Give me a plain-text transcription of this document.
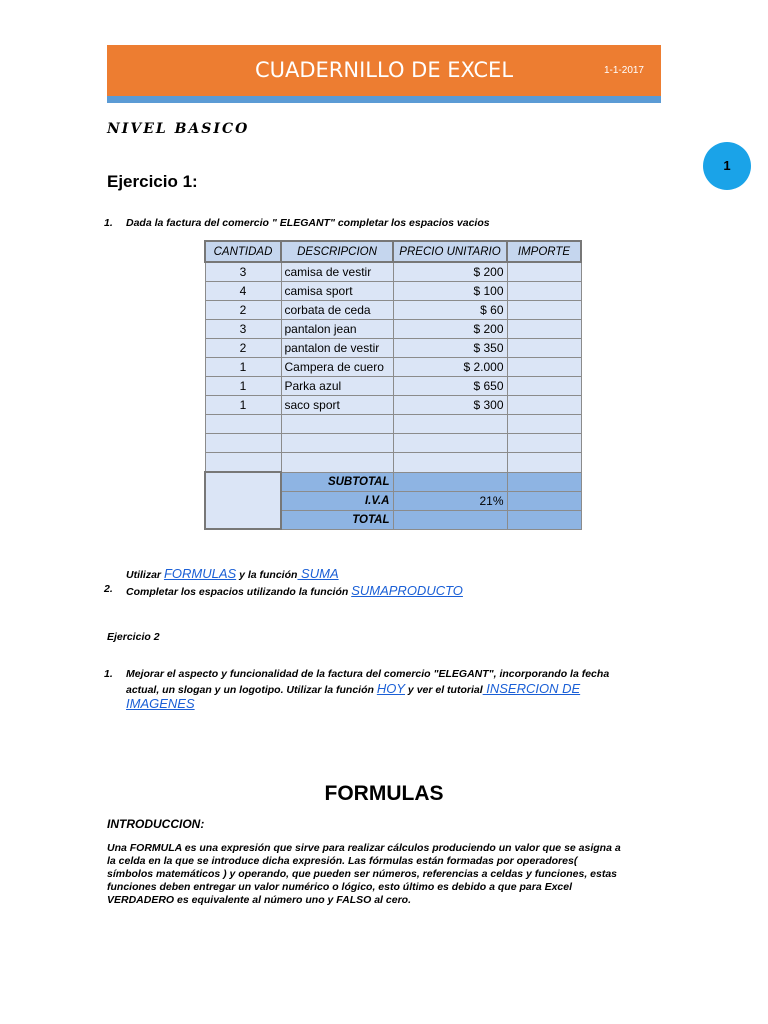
CUADERNILLO DE EXCEL	1-1-2017
NIVEL BASICO
1
Ejercicio 1:
1. Dada la factura del comercio " ELEGANT" completar los espacios vacios
CANTIDAD	DESCRIPCION	PRECIO UNITARIO	IMPORTE
3	camisa de vestir	$ 200	
4	camisa sport	$ 100	
2	corbata de ceda	$ 60	
3	pantalon jean	$ 200	
2	pantalon de vestir	$ 350	
1	Campera de cuero	$ 2.000	
1	Parka azul	$ 650	
1	saco sport	$ 300	

	SUBTOTAL		
	I.V.A	21%	
	TOTAL		
Utilizar FORMULAS y la función SUMA
2. Completar los espacios utilizando la función SUMAPRODUCTO
Ejercicio 2
1. Mejorar el aspecto y funcionalidad de la factura del comercio "ELEGANT", incorporando la fecha
actual, un slogan y un logotipo. Utilizar la función HOY y ver el tutorial INSERCION DE
IMAGENES
FORMULAS
INTRODUCCION:
Una FORMULA es una expresión que sirve para realizar cálculos produciendo un valor que se asigna a
la celda en la que se introduce dicha expresión. Las fórmulas están formadas por operadores(
símbolos matemáticos ) y operando, que pueden ser números, referencias a celdas y funciones, estas
funciones deben entregar un valor numérico o lógico, esto último es debido a que para Excel
VERDADERO es equivalente al número uno y FALSO al cero.
